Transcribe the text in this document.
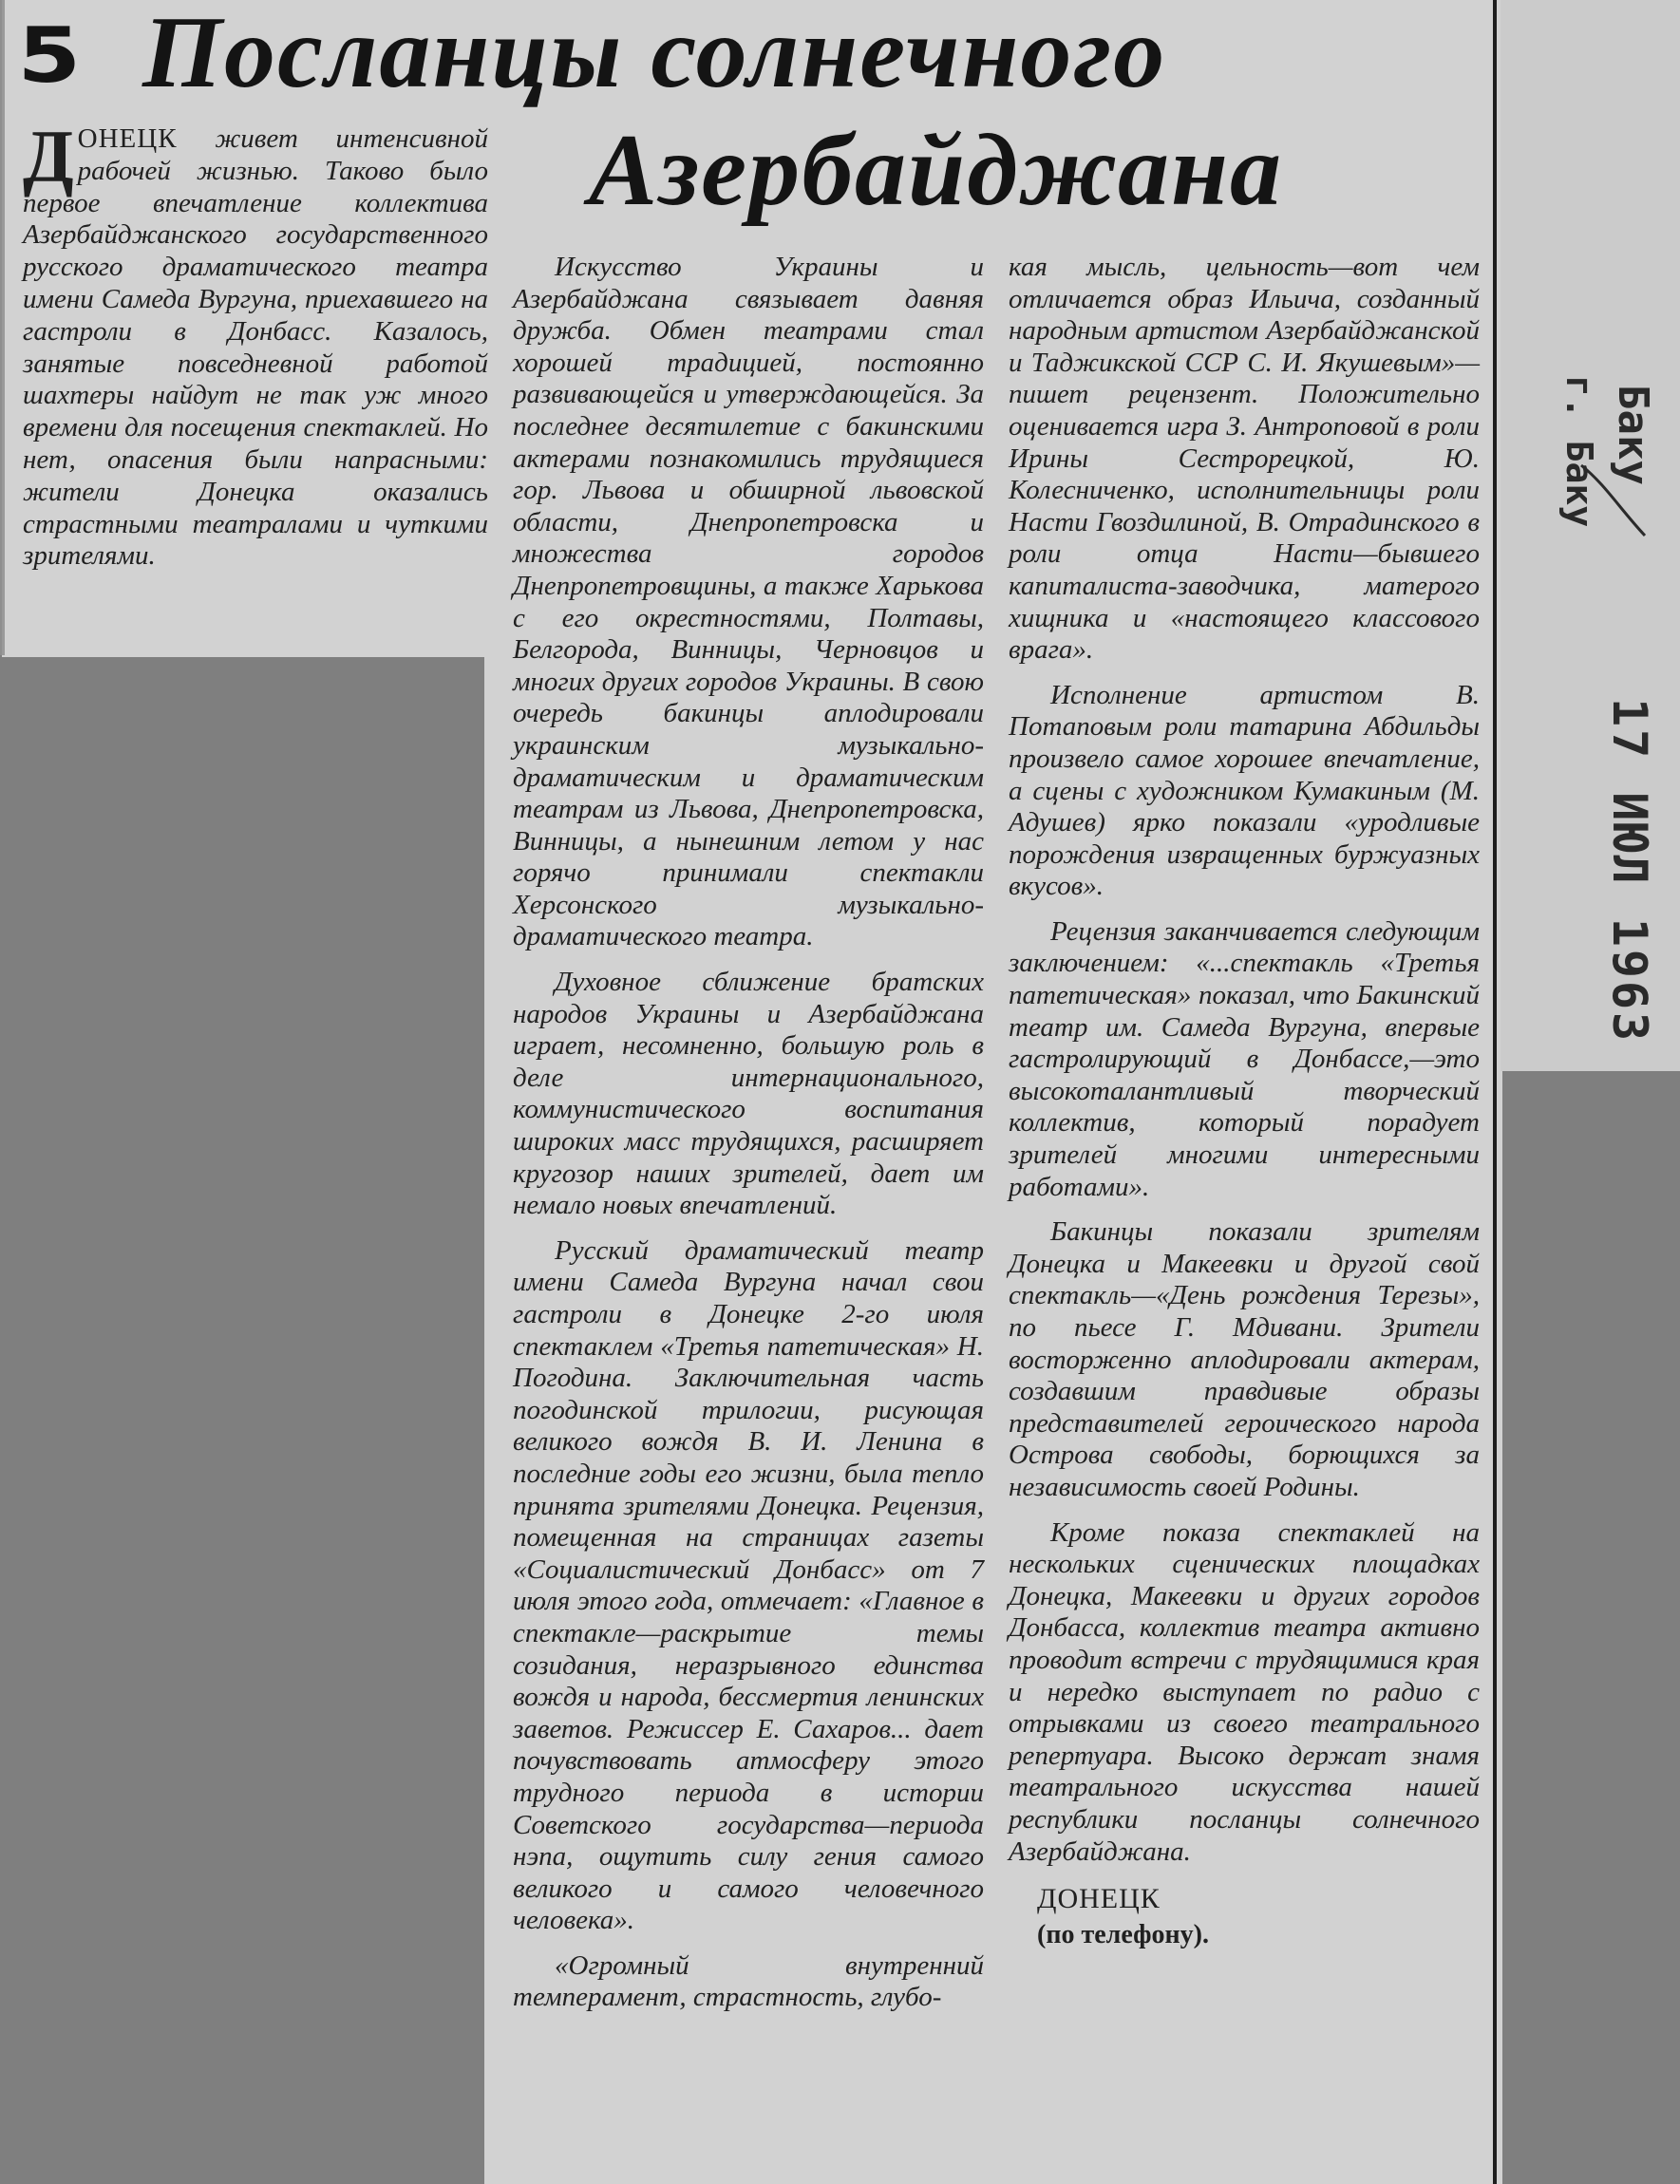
5 Посланцы солнечного
Азербайджана

ДОНЕЦК живет интенсивной рабочей жизнью. Таково было первое впечатление коллектива Азербайджанского государственного русского драматического театра имени Самеда Вургуна, приехавшего на гастроли в Донбасс. Казалось, занятые повседневной работой шахтеры найдут не так уж много времени для посещения спектаклей. Но нет, опасения были напрасными: жители Донецка оказались страстными театралами и чуткими зрителями.

Искусство Украины и Азербайджана связывает давняя дружба. Обмен театрами стал хорошей традицией, постоянно развивающейся и утверждающейся. За последнее десятилетие с бакинскими актерами познакомились трудящиеся гор. Львова и обширной львовской области, Днепропетровска и множества городов Днепропетровщины, а также Харькова с его окрестностями, Полтавы, Белгорода, Винницы, Черновцов и многих других городов Украины. В свою очередь бакинцы аплодировали украинским музыкально-драматическим и драматическим театрам из Львова, Днепропетровска, Винницы, а нынешним летом у нас горячо принимали спектакли Херсонского музыкально-драматического театра.

Духовное сближение братских народов Украины и Азербайджана играет, несомненно, большую роль в деле интернационального, коммунистического воспитания широких масс трудящихся, расширяет кругозор наших зрителей, дает им немало новых впечатлений.

Русский драматический театр имени Самеда Вургуна начал свои гастроли в Донецке 2-го июля спектаклем «Третья патетическая» Н. Погодина. Заключительная часть погодинской трилогии, рисующая великого вождя В. И. Ленина в последние годы его жизни, была тепло принята зрителями Донецка. Рецензия, помещенная на страницах газеты «Социалистический Донбасс» от 7 июля этого года, отмечает: «Главное в спектакле—раскрытие темы созидания, неразрывного единства вождя и народа, бессмертия ленинских заветов. Режиссер Е. Сахаров... дает почувствовать атмосферу этого трудного периода в истории Советского государства—периода нэпа, ощутить силу гения самого великого и самого человечного человека».

«Огромный внутренний темперамент, страстность, глубо-

кая мысль, цельность—вот чем отличается образ Ильича, созданный народным артистом Азербайджанской и Таджикской ССР С. И. Якушевым»—пишет рецензент. Положительно оценивается игра З. Антроповой в роли Ирины Сестрорецкой, Ю. Колесниченко, исполнительницы роли Насти Гвоздилиной, В. Отрадинского в роли отца Насти—бывшего капиталиста-заводчика, матерого хищника и «настоящего классового врага».

Исполнение артистом В. Потаповым роли татарина Абдильды произвело самое хорошее впечатление, а сцены с художником Кумакиным (М. Адушев) ярко показали «уродливые порождения извращенных буржуазных вкусов».

Рецензия заканчивается следующим заключением: «...спектакль «Третья патетическая» показал, что Бакинский театр им. Самеда Вургуна, впервые гастролирующий в Донбассе,—это высокоталантливый творческий коллектив, который порадует зрителей многими интересными работами».

Бакинцы показали зрителям Донецка и Макеевки и другой свой спектакль—«День рождения Терезы», по пьесе Г. Мдивани. Зрители восторженно аплодировали актерам, создавшим правдивые образы представителей героического народа Острова свободы, борющихся за независимость своей Родины.

Кроме показа спектаклей на нескольких сценических площадках Донецка, Макеевки и других городов Донбасса, коллектив театра активно проводит встречи с трудящимися края и нередко выступает по радио с отрывками из своего театрального репертуара. Высоко держат знамя театрального искусства нашей республики посланцы солнечного Азербайджана.

ДОНЕЦК
(по телефону).
Баку
г. Баку
17 ИЮЛ 1963
